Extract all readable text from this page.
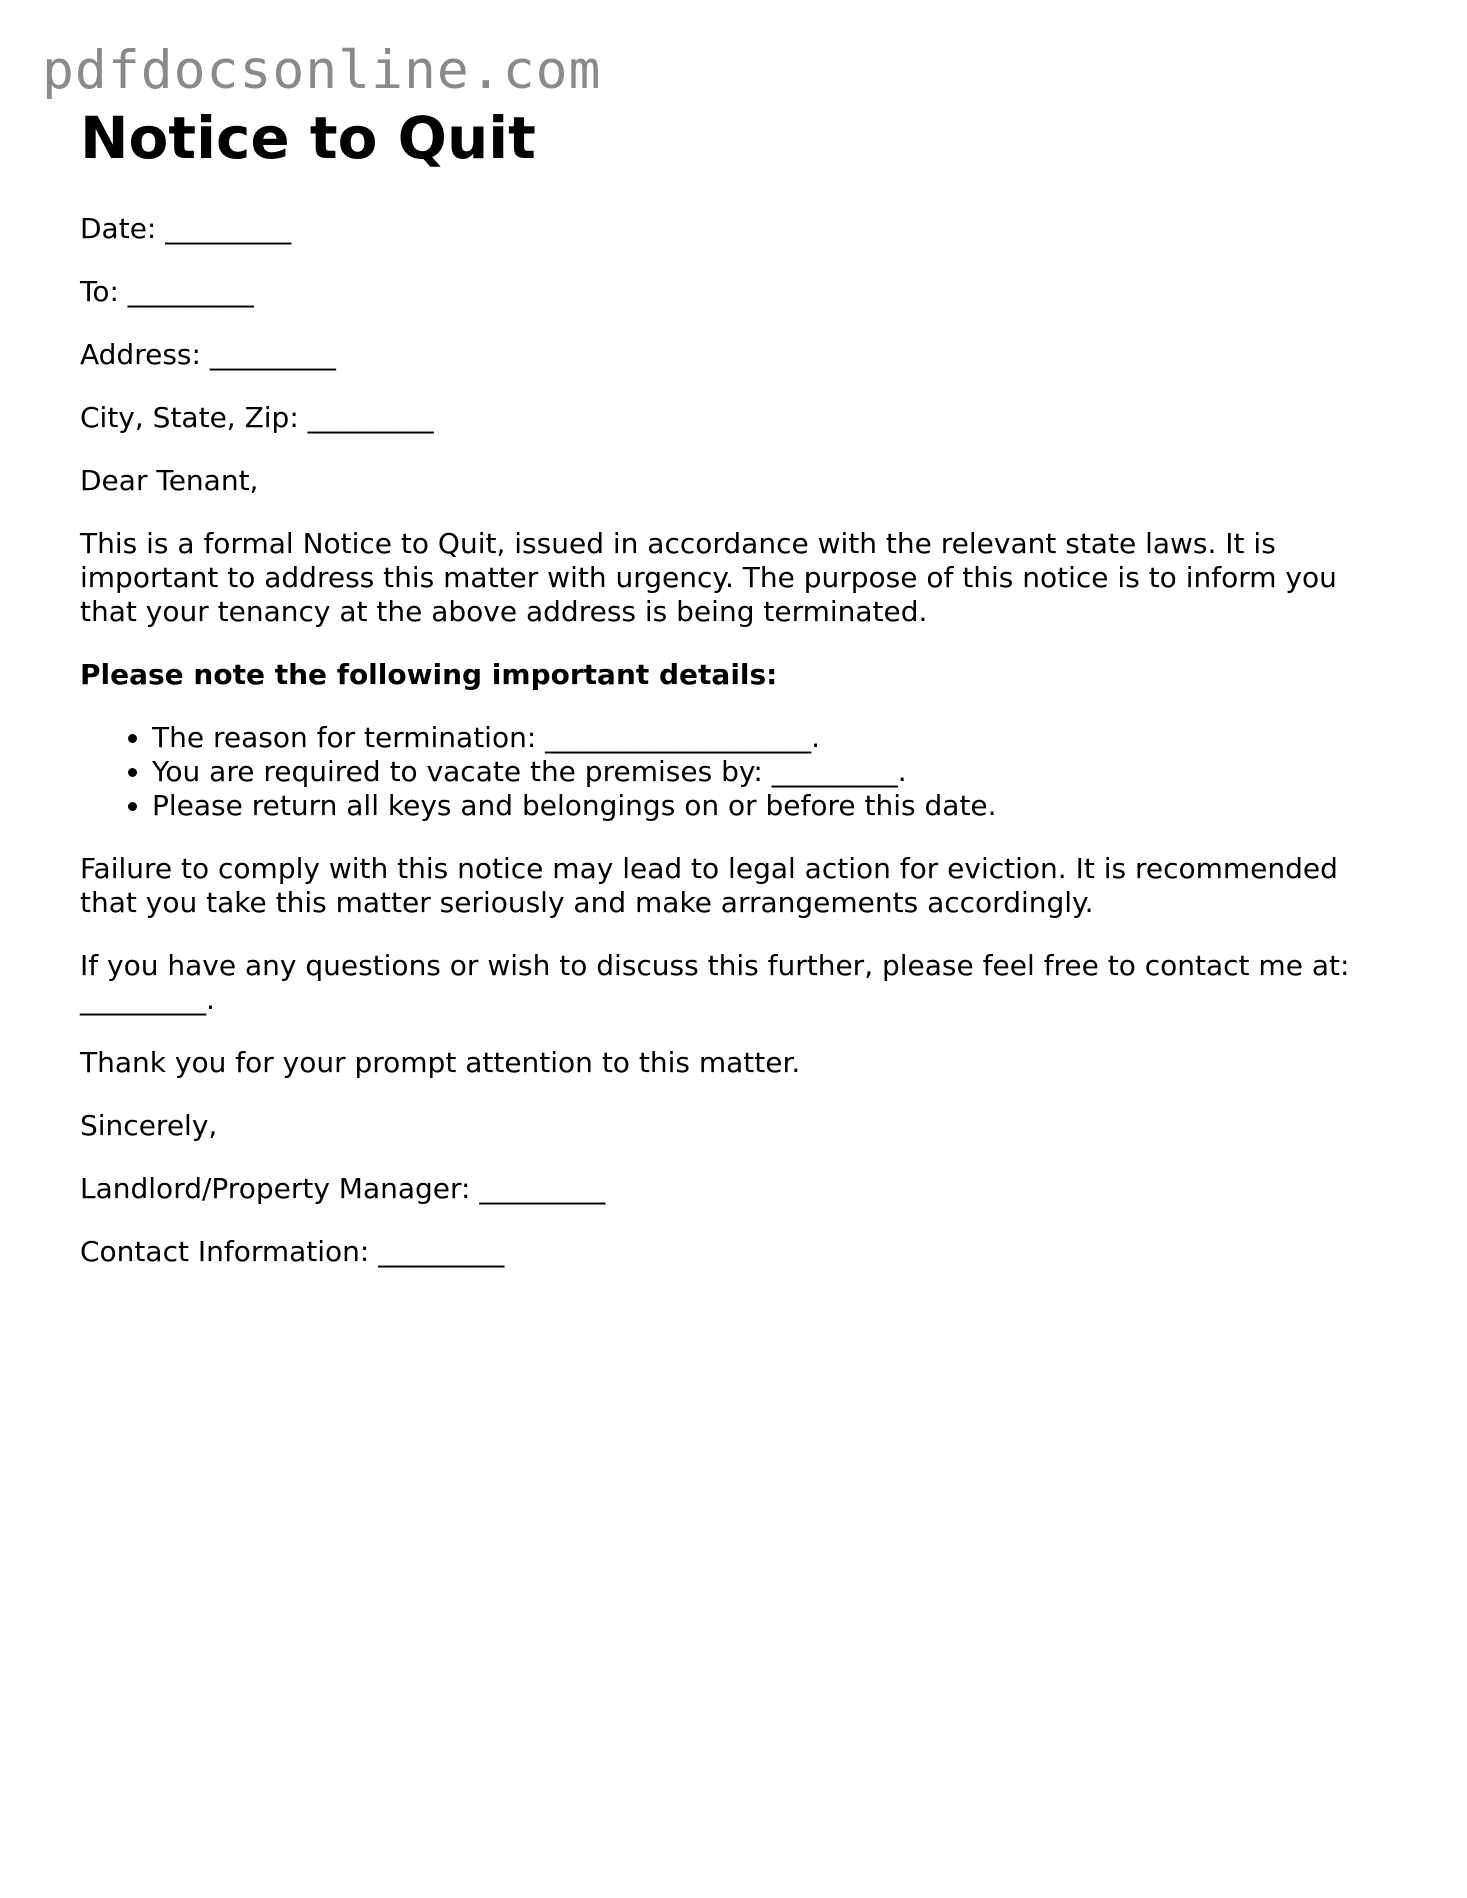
pdfdocsonline.com
Notice to Quit

Date: _________

To: _________

Address: _________

City, State, Zip: _________

Dear Tenant,

This is a formal Notice to Quit, issued in accordance with the relevant state laws. It is important to address this matter with urgency. The purpose of this notice is to inform you that your tenancy at the above address is being terminated.

Please note the following important details:

• The reason for termination: ___________________.
• You are required to vacate the premises by: _________.
• Please return all keys and belongings on or before this date.

Failure to comply with this notice may lead to legal action for eviction. It is recommended that you take this matter seriously and make arrangements accordingly.

If you have any questions or wish to discuss this further, please feel free to contact me at: _________.

Thank you for your prompt attention to this matter.

Sincerely,

Landlord/Property Manager: _________

Contact Information: _________
